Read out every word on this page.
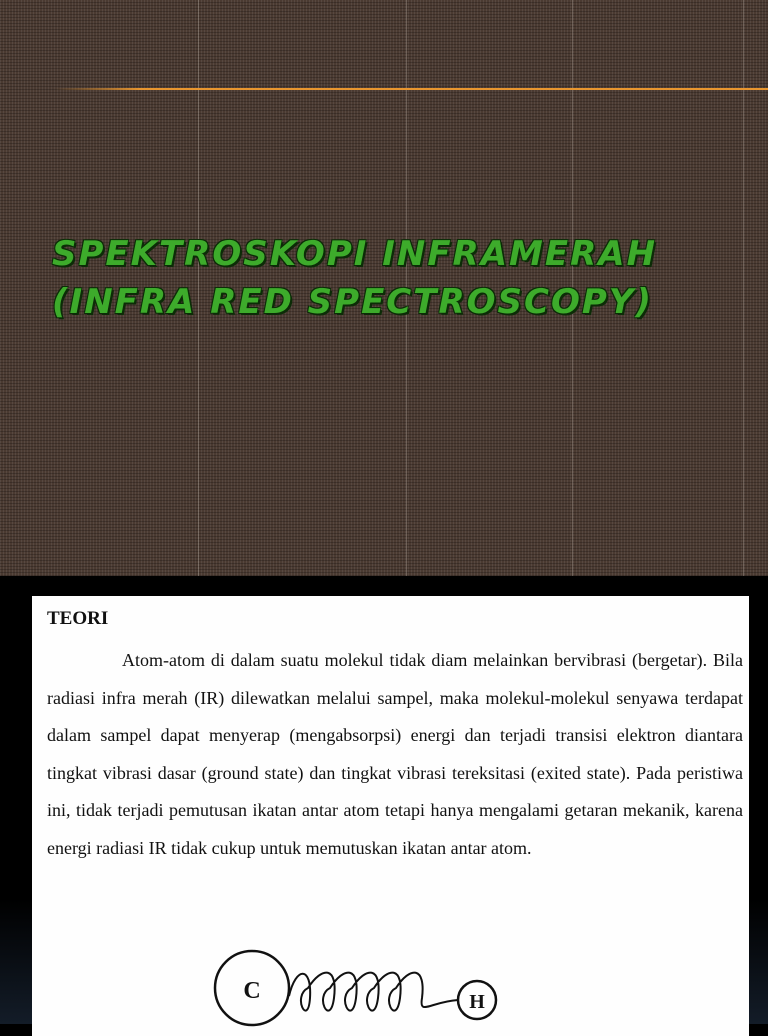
SPEKTROSKOPI INFRAMERAH
(INFRA RED SPECTROSCOPY)
TEORI

Atom-atom di dalam suatu molekul tidak diam melainkan bervibrasi (bergetar). Bila radiasi infra merah (IR) dilewatkan melalui sampel, maka molekul-molekul senyawa terdapat dalam sampel dapat menyerap (mengabsorpsi) energi dan terjadi transisi elektron diantara tingkat vibrasi dasar (ground state) dan tingkat vibrasi tereksitasi (exited state). Pada peristiwa ini, tidak terjadi pemutusan ikatan antar atom tetapi hanya mengalami getaran mekanik, karena energi radiasi IR tidak cukup untuk memutuskan ikatan antar atom.

C	H
